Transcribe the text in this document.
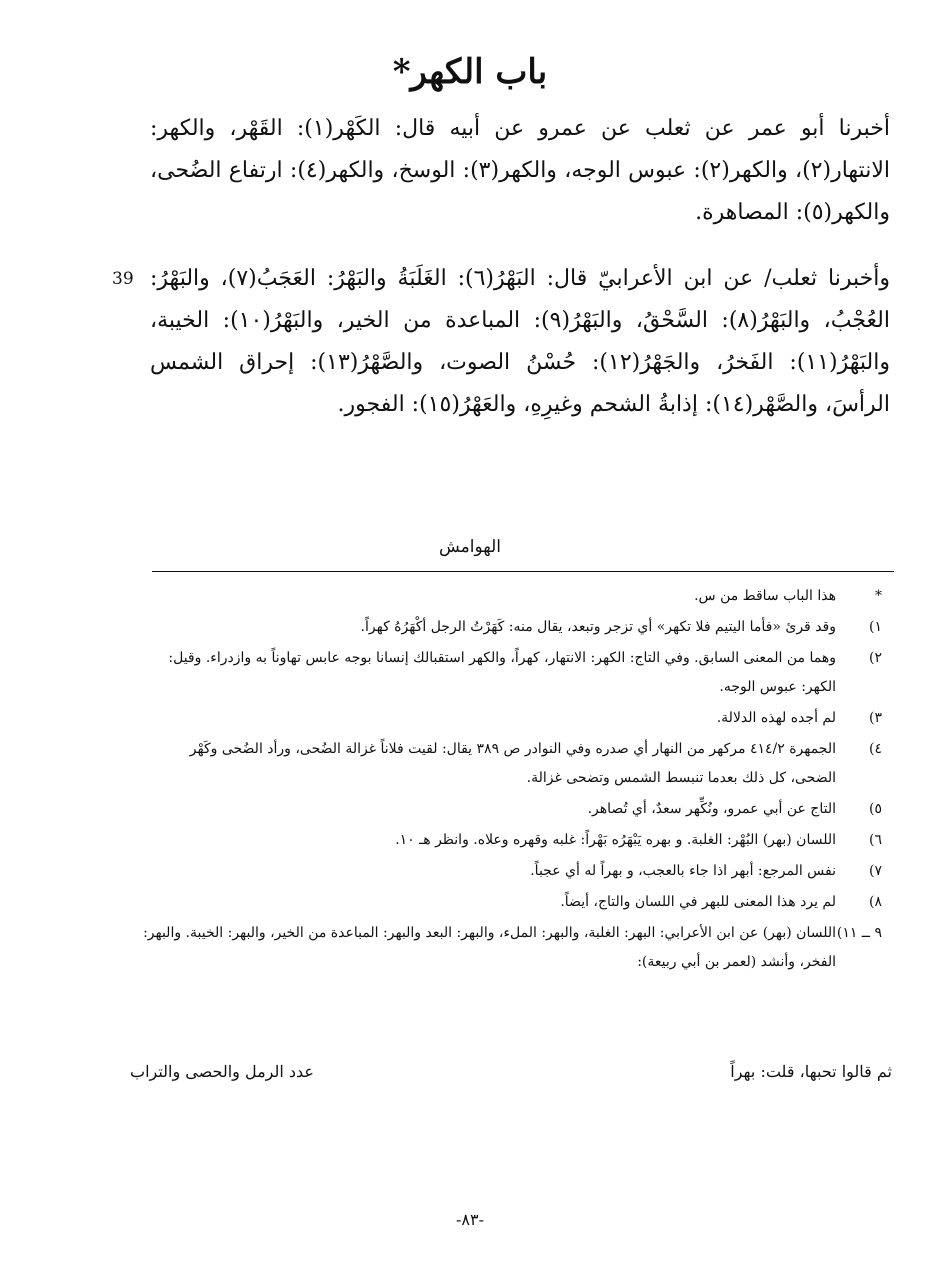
باب الكهر*

أخبرنا أبو عمر عن ثعلب عن عمرو عن أبيه قال: الكَهْر(١): القَهْر، والكهر: الانتهار(٢)، والكهر(٢): عبوس الوجه، والكهر(٣): الوسخ، والكهر(٤): ارتفاع الضُحى، والكهر(٥): المصاهرة.

39 وأخبرنا ثعلب/ عن ابن الأعرابيّ قال: البَهْرُ(٦): الغَلَبَةُ والبَهْرُ: العَجَبُ(٧)، والبَهْرُ: العُجْبُ، والبَهْرُ(٨): السَّحْقُ، والبَهْرُ(٩): المباعدة من الخير، والبَهْرُ(١٠): الخيبة، والبَهْرُ(١١): الفَخرُ، والجَهْرُ(١٢): حُسْنُ الصوت، والصَّهْرُ(١٣): إحراق الشمس الرأسَ، والصَّهْر(١٤): إذابةُ الشحم وغيرِهِ، والعَهْرُ(١٥): الفجور.

الهوامش
*
هذا الباب ساقط من س.
١)
وقد قرئ «فأما اليتيم فلا تكهر» أي تزجر وتبعد، يقال منه: كَهَرْتُ الرجل أكْهَرُهُ كهراً.
٢)
وهما من المعنى السابق. وفي التاج: الكهر: الانتهار، كهراً، والكهر استقبالك إنسانا بوجه عابس تهاوناً به وازدراء. وقيل: الكهر: عبوس الوجه.
٣)
لم أجده لهذه الدلالة.
٤)
الجمهرة ٤١٤/٢ مركهر من النهار أي صدره وفي النوادر ص ٣٨٩ يقال: لقيت فلاناً غزالة الضُحى، ورأد الضُحى وكَهْر الضحى، كل ذلك بعدما تنبسط الشمس وتضحى غزالة.
٥)
التاج عن أبي عمرو، ونُكِّهر سعدٌ، أي تُصاهر.
٦)
اللسان (بهر) البُهْر: الغلبة. و بهره يَبْهَرُه بَهْراً: غلبه وقهره وعلاه. وانظر هـ ١٠.
٧)
نفس المرجع: أبهر اذا جاء بالعجب، و بهراً له أي عجباً.
٨)
لم يرد هذا المعنى للبهر في اللسان والتاج، أيضاً.
٩ ــ ١١)
اللسان (بهر) عن ابن الأعرابي: البهر: الغلبة، والبهر: الملء، والبهر: البعد والبهر: المباعدة من الخير، والبهر: الخيبة. والبهر: الفخر، وأنشد (لعمر بن أبي ربيعة):
ثم قالوا تحبها، قلت: بهراً
عدد الرمل والحصى والتراب
-٨٣-
